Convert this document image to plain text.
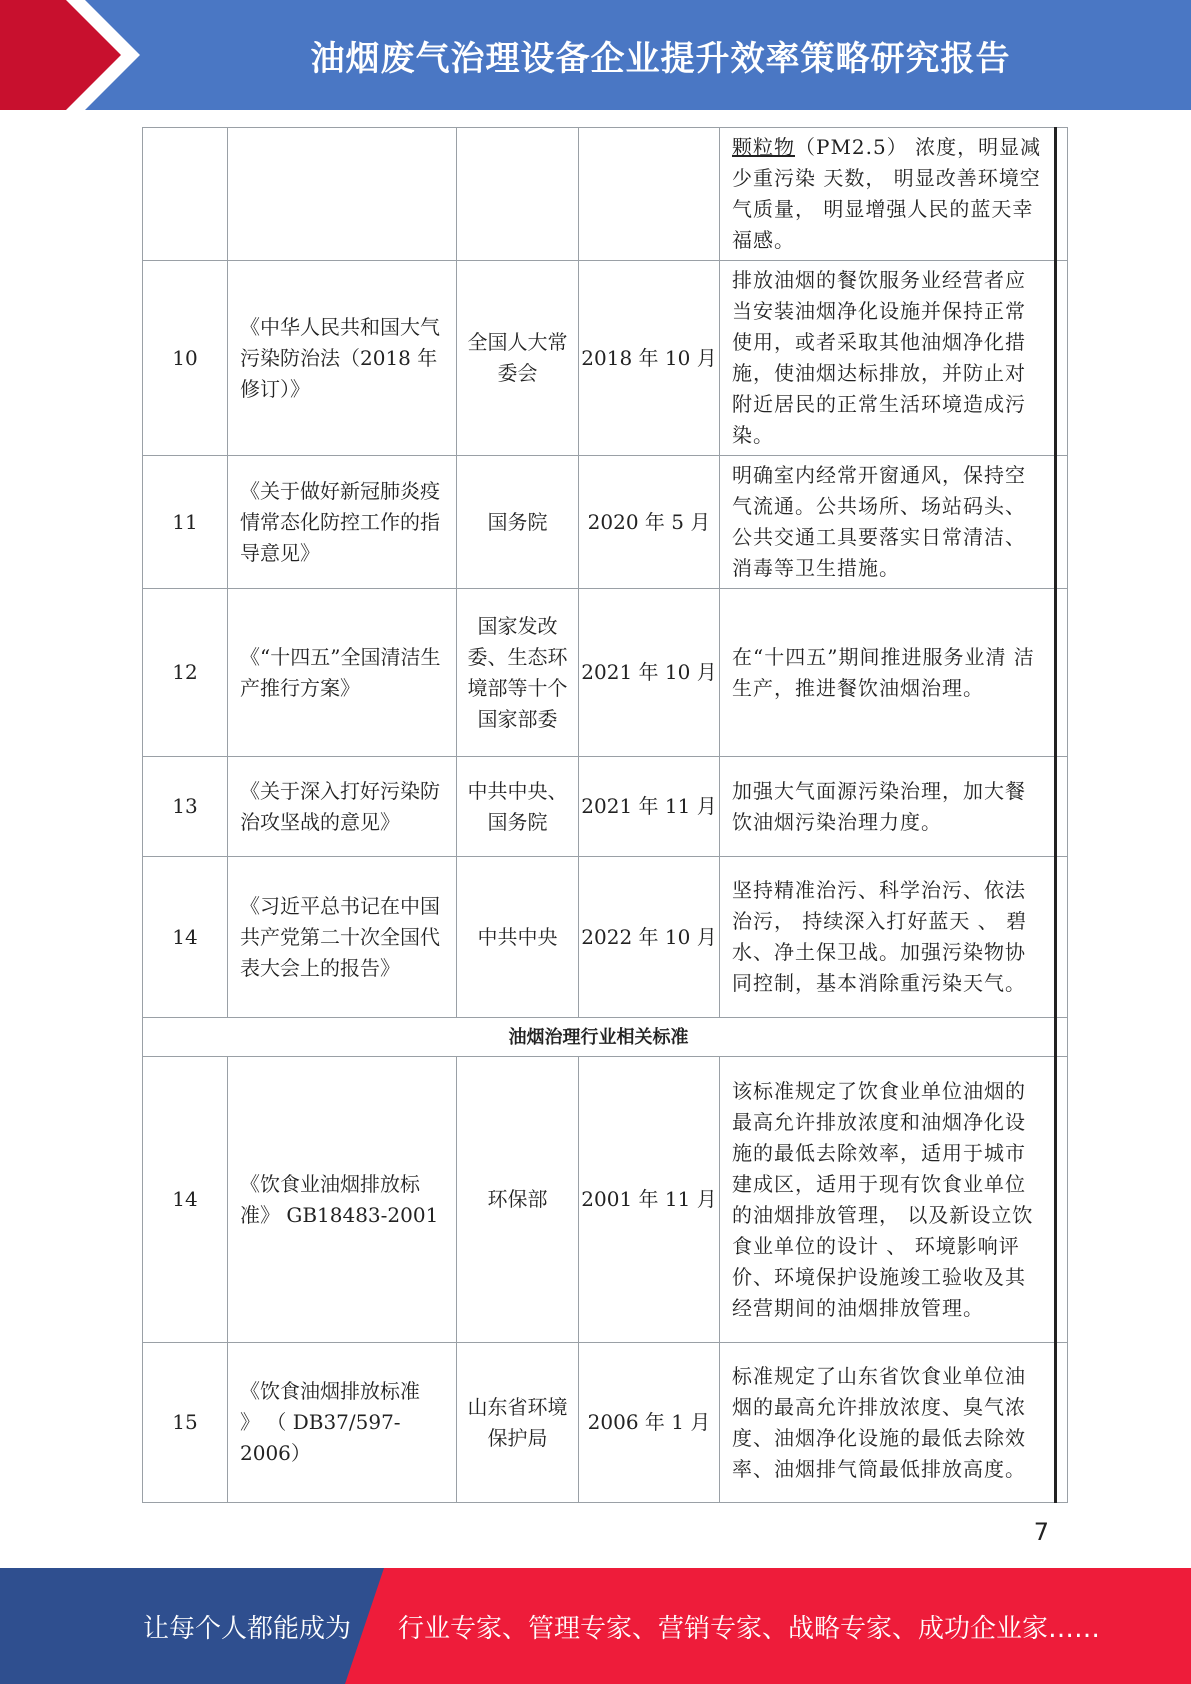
油烟废气治理设备企业提升效率策略研究报告
				颗粒物（PM2.5） 浓度，明显减少重污染 天数， 明显改善环境空气质量， 明显增强人民的蓝天幸福感。	
10	《中华人民共和国大气污染防治法（2018 年修订）》	全国人大常委会	2018 年 10 月	排放油烟的餐饮服务业经营者应 当安装油烟净化设施并保持正常 使用，或者采取其他油烟净化措 施，使油烟达标排放，并防止对 附近居民的正常生活环境造成污 染。	
11	《关于做好新冠肺炎疫情常态化防控工作的指导意见》	国务院	2020 年 5 月	明确室内经常开窗通风，保持空 气流通。公共场所、场站码头、 公共交通工具要落实日常清洁、 消毒等卫生措施。	
12	《“十四五”全国清洁生产推行方案》	国家发改委、生态环境部等十个国家部委	2021 年 10 月	在“十四五”期间推进服务业清 洁生产，推进餐饮油烟治理。	
13	《关于深入打好污染防治攻坚战的意见》	中共中央、国务院	2021 年 11 月	加强大气面源污染治理，加大餐 饮油烟污染治理力度。	
14	《习近平总书记在中国共产党第二十次全国代表大会上的报告》	中共中央	2022 年 10 月	坚持精准治污、科学治污、依法 治污， 持续深入打好蓝天 、 碧 水、净土保卫战。加强污染物协 同控制，基本消除重污染天气。	
油烟治理行业相关标准					
14	《饮食业油烟排放标 准》 GB18483-2001	环保部	2001 年 11 月	该标准规定了饮食业单位油烟的 最高允许排放浓度和油烟净化设 施的最低去除效率，适用于城市 建成区，适用于现有饮食业单位 的油烟排放管理， 以及新设立饮 食业单位的设计 、 环境影响评 价、环境保护设施竣工验收及其经营期间的油烟排放管理。	
15	《饮食油烟排放标准 》 （ DB37/597- 2006）	山东省环境保护局	2006 年 1 月	标准规定了山东省饮食业单位油 烟的最高允许排放浓度、臭气浓 度、油烟净化设施的最低去除效 率、油烟排气筒最低排放高度。	
7
让每个人都能成为 行业专家、管理专家、营销专家、战略专家、成功企业家……
